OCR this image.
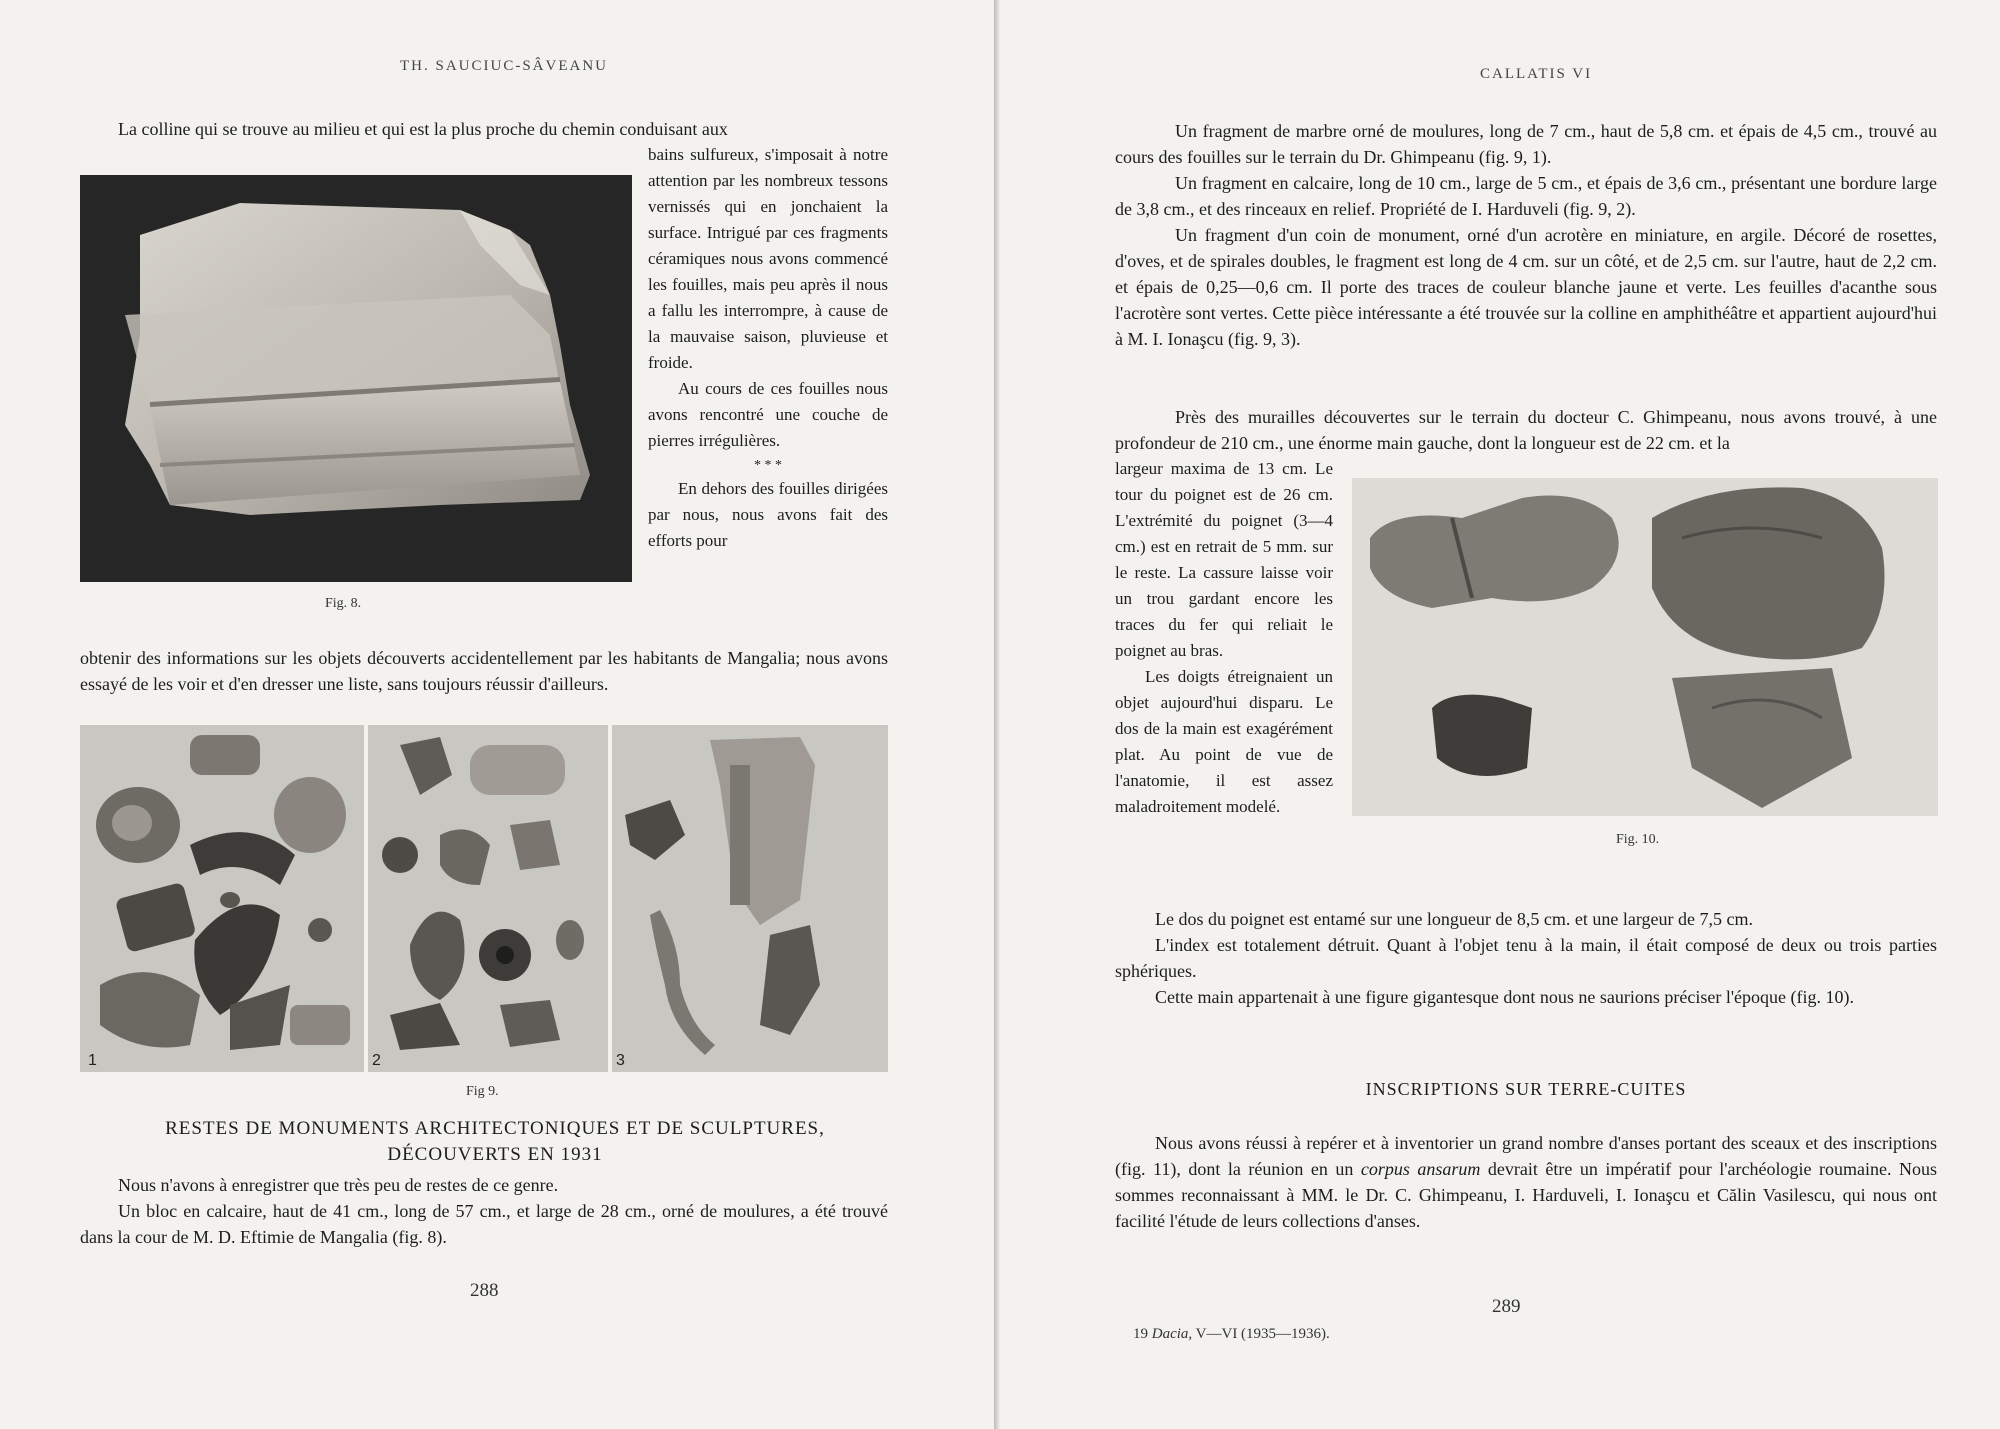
TH. SAUCIUC-SÂVEANU

La colline qui se trouve au milieu et qui est la plus proche du chemin conduisant aux

Fig. 8.

bains sulfureux, s'imposait à notre attention par les nombreux tessons vernissés qui en jonchaient la surface. Intrigué par ces fragments céramiques nous avons commencé les fouilles, mais peu après il nous a fallu les interrompre, à cause de la mauvaise saison, pluvieuse et froide.

Au cours de ces fouilles nous avons rencontré une couche de pierres irrégulières.

* * *

En dehors des fouilles dirigées par nous, nous avons fait des efforts pour

obtenir des informations sur les objets découverts accidentellement par les habitants de Mangalia; nous avons essayé de les voir et d'en dresser une liste, sans toujours réussir d'ailleurs.

1	2	3
Fig 9.
RESTES DE MONUMENTS ARCHITECTONIQUES ET DE SCULPTURES,
DÉCOUVERTS EN 1931

Nous n'avons à enregistrer que très peu de restes de ce genre.

Un bloc en calcaire, haut de 41 cm., long de 57 cm., et large de 28 cm., orné de moulures, a été trouvé dans la cour de M. D. Eftimie de Mangalia (fig. 8).

288
CALLATIS VI

Un fragment de marbre orné de moulures, long de 7 cm., haut de 5,8 cm. et épais de 4,5 cm., trouvé au cours des fouilles sur le terrain du Dr. Ghimpeanu (fig. 9, 1).

Un fragment en calcaire, long de 10 cm., large de 5 cm., et épais de 3,6 cm., présentant une bordure large de 3,8 cm., et des rinceaux en relief. Propriété de I. Harduveli (fig. 9, 2).

Un fragment d'un coin de monument, orné d'un acrotère en miniature, en argile. Décoré de rosettes, d'oves, et de spirales doubles, le fragment est long de 4 cm. sur un côté, et de 2,5 cm. sur l'autre, haut de 2,2 cm. et épais de 0,25—0,6 cm. Il porte des traces de couleur blanche jaune et verte. Les feuilles d'acanthe sous l'acrotère sont vertes. Cette pièce intéressante a été trouvée sur la colline en amphithéâtre et appartient aujourd'hui à M. I. Ionaşcu (fig. 9, 3).

Près des murailles découvertes sur le terrain du docteur C. Ghimpeanu, nous avons trouvé, à une profondeur de 210 cm., une énorme main gauche, dont la longueur est de 22 cm. et la

largeur maxima de 13 cm. Le tour du poignet est de 26 cm. L'extrémité du poignet (3—4 cm.) est en retrait de 5 mm. sur le reste. La cassure laisse voir un trou gardant encore les traces du fer qui reliait le poignet au bras.

Les doigts étreignaient un objet aujourd'hui disparu. Le dos de la main est exagérément plat. Au point de vue de l'anatomie, il est assez maladroitement modelé.

Fig. 10.

Le dos du poignet est entamé sur une longueur de 8,5 cm. et une largeur de 7,5 cm.

L'index est totalement détruit. Quant à l'objet tenu à la main, il était composé de deux ou trois parties sphériques.

Cette main appartenait à une figure gigantesque dont nous ne saurions préciser l'époque (fig. 10).

INSCRIPTIONS SUR TERRE-CUITES

Nous avons réussi à repérer et à inventorier un grand nombre d'anses portant des sceaux et des inscriptions (fig. 11), dont la réunion en un corpus ansarum devrait être un impératif pour l'archéologie roumaine. Nous sommes reconnaissant à MM. le Dr. C. Ghimpeanu, I. Harduveli, I. Ionaşcu et Călin Vasilescu, qui nous ont facilité l'étude de leurs collections d'anses.

289
19 Dacia, V—VI (1935—1936).
